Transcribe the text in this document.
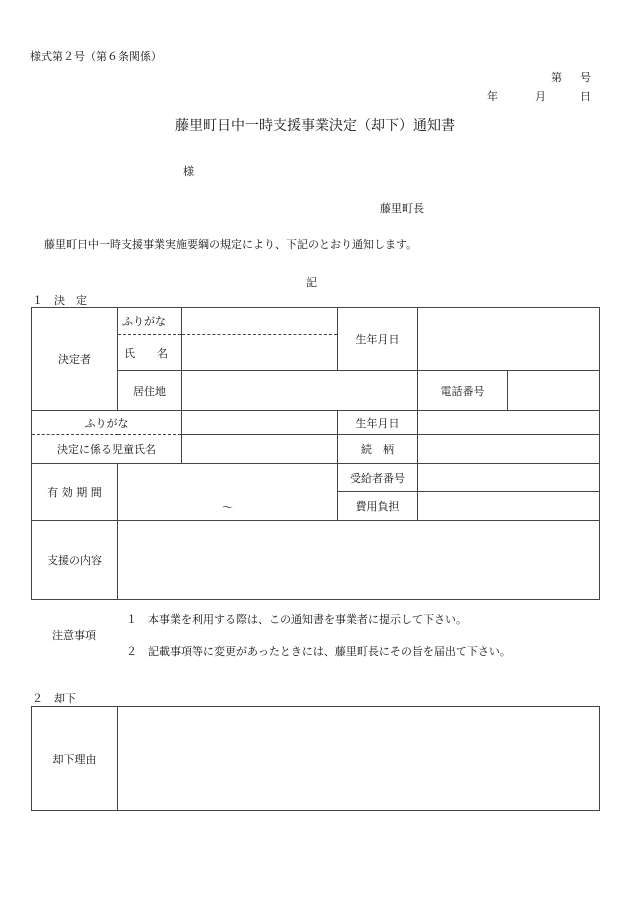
様式第２号（第６条関係）
第 号
年	月	日
藤里町日中一時支援事業決定（却下）通知書
様
藤里町長
藤里町日中一時支援事業実施要綱の規定により、下記のとおり通知します。
記
１　決　定
決定者	ふりがな		生年月日		
	氏　　名				
	居住地			電話番号	
ふりがな			生年月日		
決定に係る児童氏名			続　柄		
有 効 期 間	～		受給者番号		
			費用負担		
支援の内容					
注意事項
１　本事業を利用する際は、この通知書を事業者に提示して下さい。
２　記載事項等に変更があったときには、藤里町長にその旨を届出て下さい。
２　却下
却下理由	
